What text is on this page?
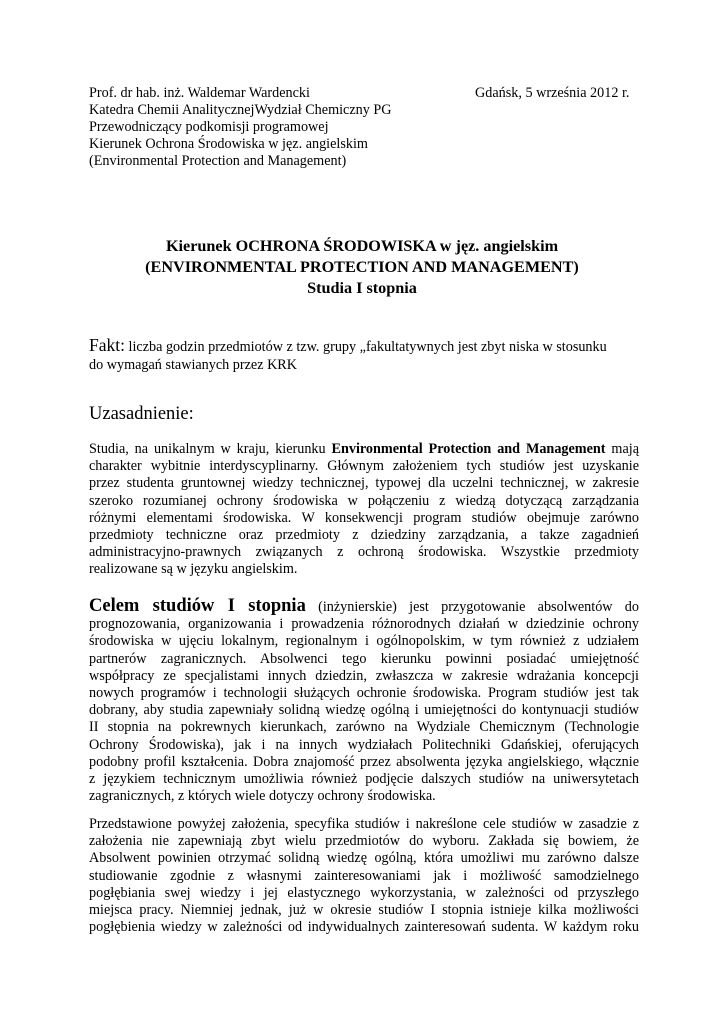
Prof. dr hab. inż. Waldemar Wardencki
Katedra Chemii AnalitycznejWydział Chemiczny PG
Przewodniczący podkomisji programowej
Kierunek Ochrona Środowiska w jęz. angielskim
(Environmental Protection and Management)
Gdańsk, 5 września 2012 r.
Kierunek OCHRONA ŚRODOWISKA w jęz. angielskim
(ENVIRONMENTAL PROTECTION AND MANAGEMENT)
Studia I stopnia
Fakt: liczba godzin przedmiotów z tzw. grupy „fakultatywnych jest zbyt niska w stosunku
do wymagań stawianych przez KRK
Uzasadnienie:
Studia, na unikalnym w kraju, kierunku Environmental Protection and Management mają
charakter wybitnie interdyscyplinarny. Głównym założeniem tych studiów jest uzyskanie
przez studenta gruntownej wiedzy technicznej, typowej dla uczelni technicznej, w zakresie
szeroko rozumianej ochrony środowiska w połączeniu z wiedzą dotyczącą zarządzania
różnymi elementami środowiska. W konsekwencji program studiów obejmuje zarówno
przedmioty techniczne oraz przedmioty z dziedziny zarządzania, a takze zagadnień
administracyjno-prawnych związanych z ochroną środowiska. Wszystkie przedmioty
realizowane są w języku angielskim.
Celem studiów I stopnia (inżynierskie) jest przygotowanie absolwentów do
prognozowania, organizowania i prowadzenia różnorodnych działań w dziedzinie ochrony
środowiska w ujęciu lokalnym, regionalnym i ogólnopolskim, w tym również z udziałem
partnerów zagranicznych. Absolwenci tego kierunku powinni posiadać umiejętność
współpracy ze specjalistami innych dziedzin, zwłaszcza w zakresie wdrażania koncepcji
nowych programów i technologii służących ochronie środowiska. Program studiów jest tak
dobrany, aby studia zapewniały solidną wiedzę ogólną i umiejętności do kontynuacji studiów
II stopnia na pokrewnych kierunkach, zarówno na Wydziale Chemicznym (Technologie
Ochrony Środowiska), jak i na innych wydziałach Politechniki Gdańskiej, oferujących
podobny profil kształcenia. Dobra znajomość przez absolwenta języka angielskiego, włącznie
z językiem technicznym umożliwia również podjęcie dalszych studiów na uniwersytetach
zagranicznych, z których wiele dotyczy ochrony środowiska.
Przedstawione powyżej założenia, specyfika studiów i nakreślone cele studiów w zasadzie z
założenia nie zapewniają zbyt wielu przedmiotów do wyboru. Zakłada się bowiem, że
Absolwent powinien otrzymać solidną wiedzę ogólną, która umożliwi mu zarówno dalsze
studiowanie zgodnie z własnymi zainteresowaniami jak i możliwość samodzielnego
pogłębiania swej wiedzy i jej elastycznego wykorzystania, w zależności od przyszłego
miejsca pracy. Niemniej jednak, już w okresie studiów I stopnia istnieje kilka możliwości
pogłębienia wiedzy w zależności od indywidualnych zainteresowań sudenta. W każdym roku
